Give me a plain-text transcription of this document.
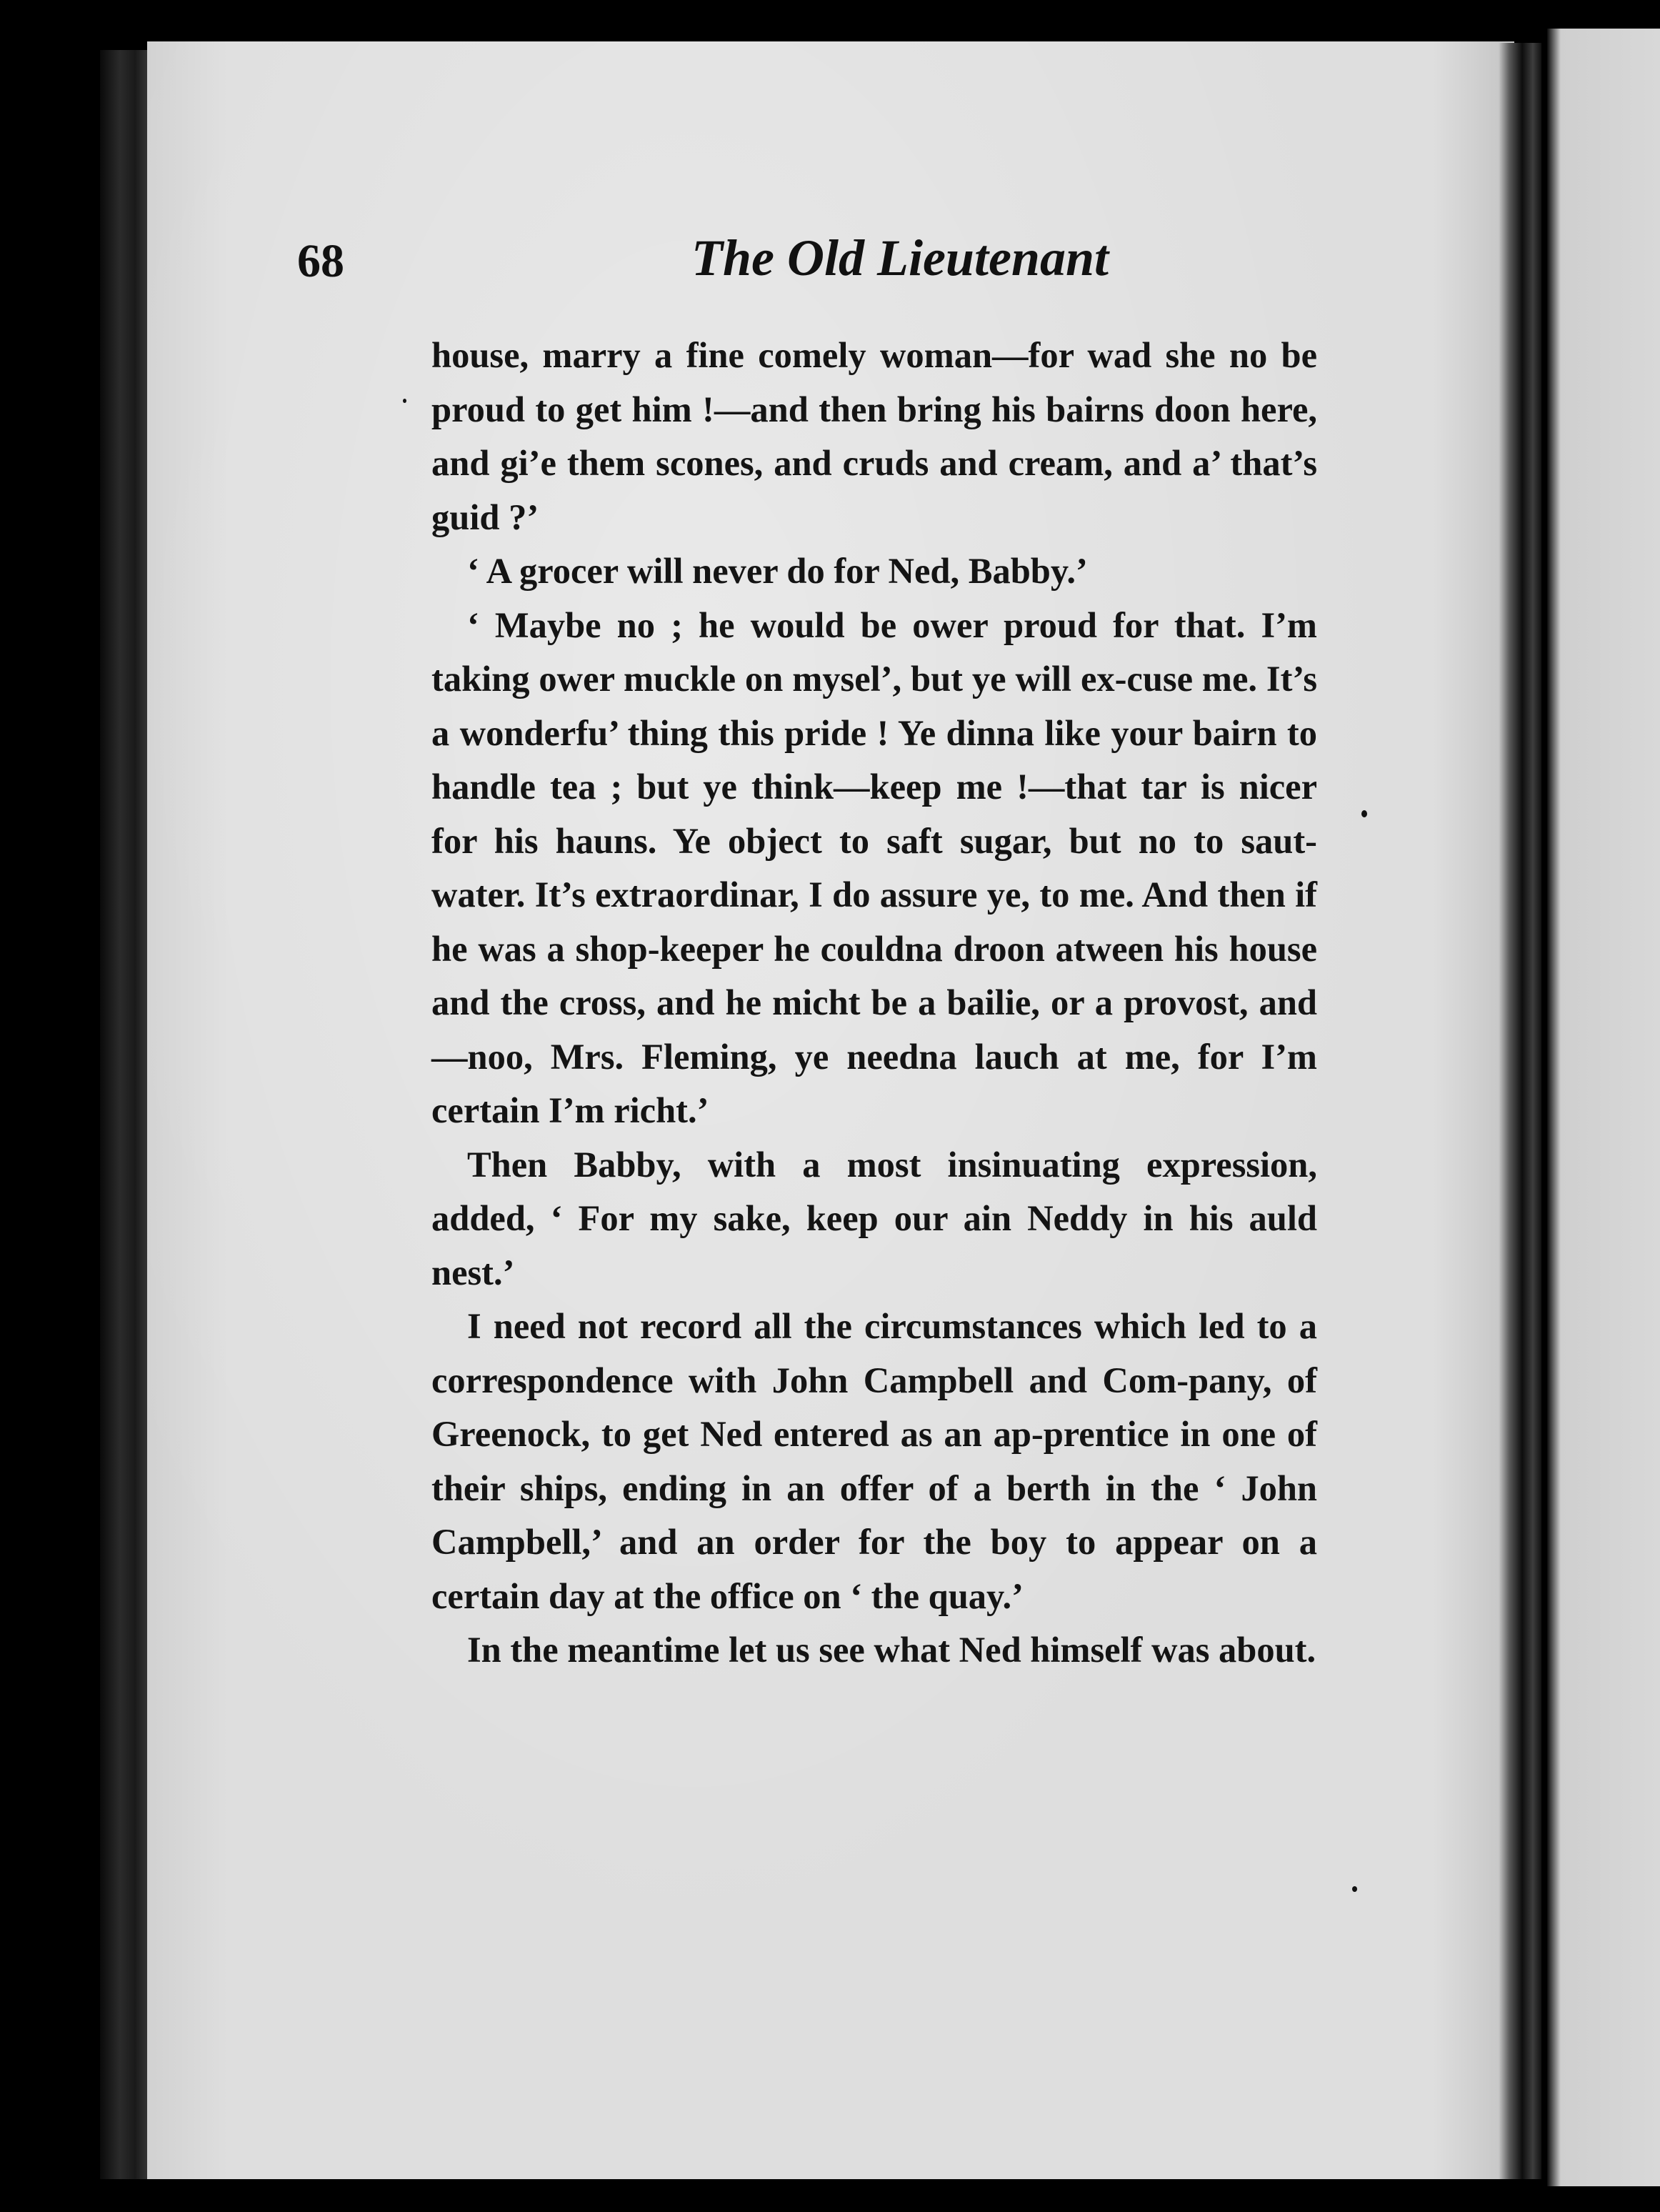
68	The Old Lieutenant

house, marry a fine comely woman—for wad she no be proud to get him !—and then bring his bairns doon here, and gi’e them scones, and cruds and cream, and a’ that’s guid ?’

‘ A grocer will never do for Ned, Babby.’

‘ Maybe no ; he would be ower proud for that. I’m taking ower muckle on mysel’, but ye will ex-cuse me. It’s a wonderfu’ thing this pride ! Ye dinna like your bairn to handle tea ; but ye think—keep me !—that tar is nicer for his hauns. Ye object to saft sugar, but no to saut-water. It’s extraordinar, I do assure ye, to me. And then if he was a shop-keeper he couldna droon atween his house and the cross, and he micht be a bailie, or a provost, and—noo, Mrs. Fleming, ye needna lauch at me, for I’m certain I’m richt.’

Then Babby, with a most insinuating expression, added, ‘ For my sake, keep our ain Neddy in his auld nest.’

I need not record all the circumstances which led to a correspondence with John Campbell and Com-pany, of Greenock, to get Ned entered as an ap-prentice in one of their ships, ending in an offer of a berth in the ‘ John Campbell,’ and an order for the boy to appear on a certain day at the office on ‘ the quay.’

In the meantime let us see what Ned himself was about.
